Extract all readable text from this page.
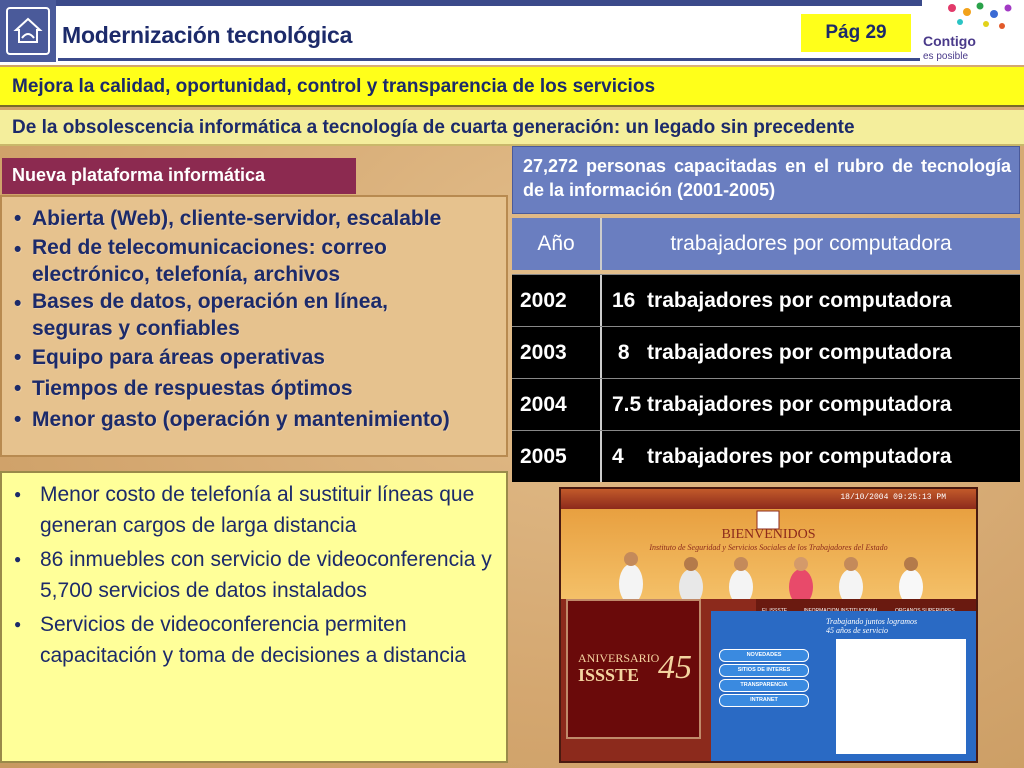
Modernización tecnológica	Pág 29	Contigo
es posible
Mejora la calidad, oportunidad, control y transparencia de los servicios
De la obsolescencia informática a tecnología de cuarta generación: un legado sin precedente
Nueva plataforma informática
• Abierta (Web), cliente-servidor, escalable
• Red de telecomunicaciones: correo
electrónico, telefonía, archivos
• Bases de datos, operación en línea,
seguras y confiables
• Equipo para áreas operativas
• Tiempos de respuestas óptimos
• Menor gasto (operación y mantenimiento)
● Menor costo de telefonía al sustituir líneas que generan cargos de larga distancia
● 86 inmuebles con servicio de videoconferencia y 5,700 servicios de datos instalados
● Servicios de videoconferencia permiten capacitación y toma de decisiones a distancia

27,272 personas capacitadas en el rubro de tecnología de la información (2001-2005)

Año	trabajadores por computadora
2002 16  trabajadores por computadora
2003 8   trabajadores por computadora
2004 7.5 trabajadores por computadora
2005 4    trabajadores por computadora
18/10/2004 09:25:13 PM
BIENVENIDOS
Instituto de Seguridad y Servicios Sociales de los Trabajadores del Estado
ANIVERSARIO
ISSSTE 45
Trabajando juntos logramos
45 años de servicio
NOVEDADES
SITIOS DE INTERES
TRANSPARENCIA
INTRANET
